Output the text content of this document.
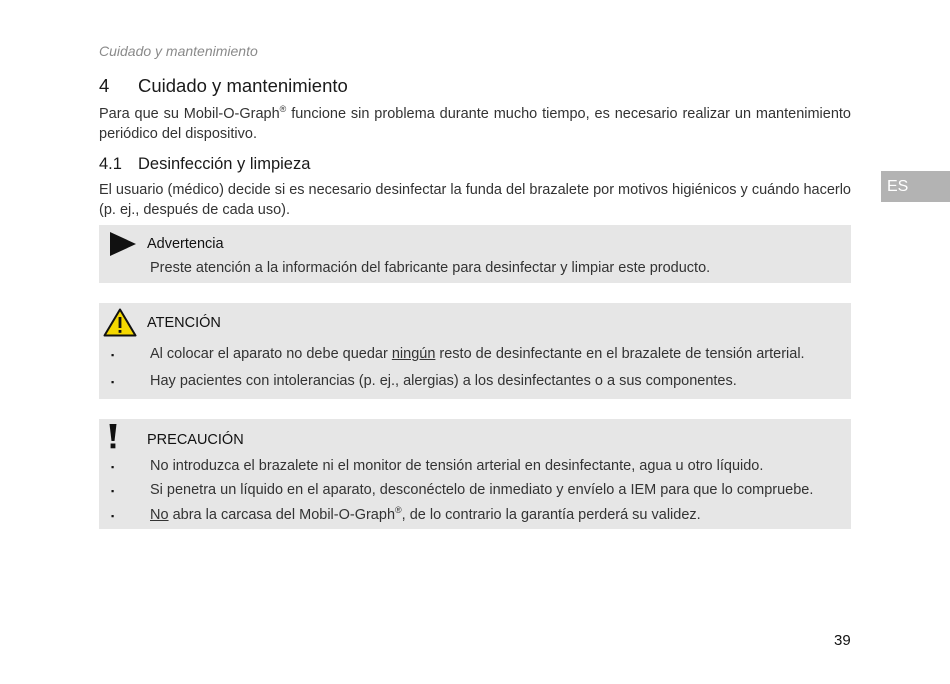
Cuidado y mantenimiento
4 Cuidado y mantenimiento
Para que su Mobil-O-Graph® funcione sin problema durante mucho tiempo, es necesario realizar un mantenimiento periódico del dispositivo.
4.1 Desinfección y limpieza
El usuario (médico) decide si es necesario desinfectar la funda del brazalete por motivos higiénicos y cuándo hacerlo (p. ej., después de cada uso).
Advertencia
Preste atención a la información del fabricante para desinfectar y limpiar este producto.
ATENCIÓN
▪ Al colocar el aparato no debe quedar ningún resto de desinfectante en el brazalete de tensión arterial.
▪ Hay pacientes con intolerancias (p. ej., alergias) a los desinfectantes o a sus componentes.
PRECAUCIÓN
▪ No introduzca el brazalete ni el monitor de tensión arterial en desinfectante, agua u otro líquido.
▪ Si penetra un líquido en el aparato, desconéctelo de inmediato y envíelo a IEM para que lo compruebe.
▪ No abra la carcasa del Mobil-O-Graph®, de lo contrario la garantía perderá su validez.
ES
39
